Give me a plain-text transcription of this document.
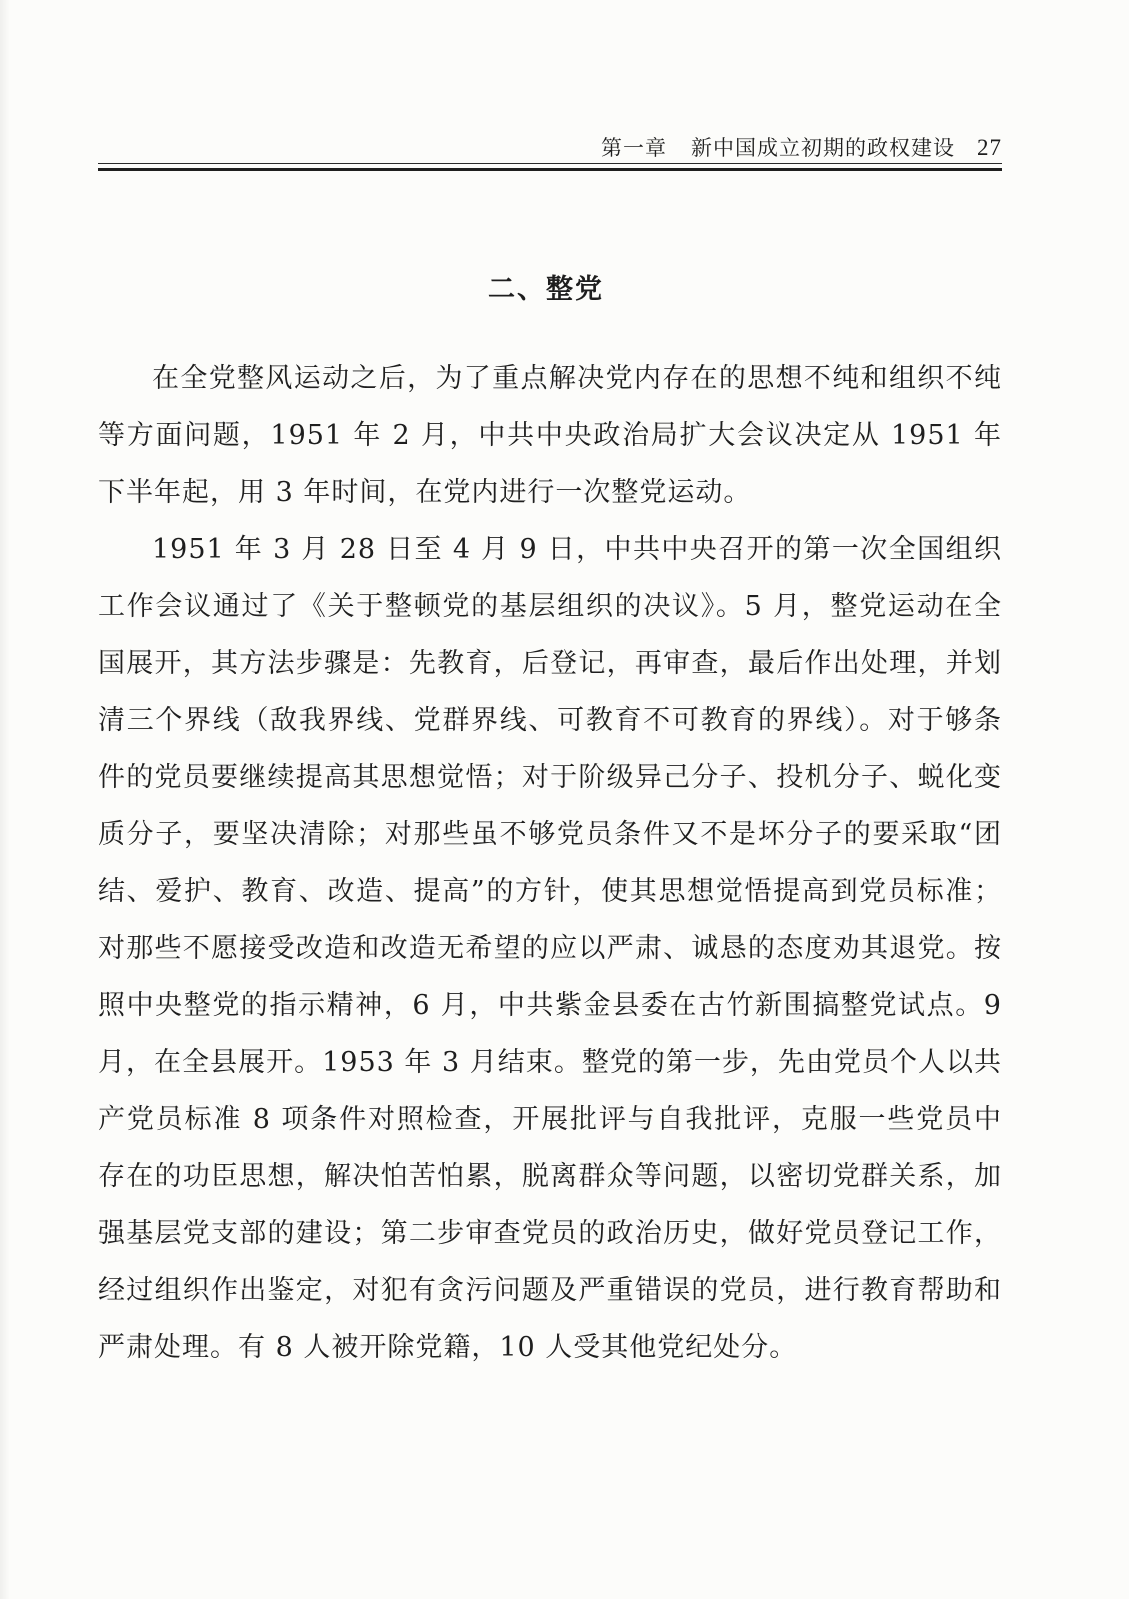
第一章 新中国成立初期的政权建设 27
二、整党

在全党整风运动之后，为了重点解决党内存在的思想不纯和组织不纯等方面问题，1951 年 2 月，中共中央政治局扩大会议决定从 1951 年下半年起，用 3 年时间，在党内进行一次整党运动。

1951 年 3 月 28 日至 4 月 9 日，中共中央召开的第一次全国组织工作会议通过了《关于整顿党的基层组织的决议》。5 月，整党运动在全国展开，其方法步骤是：先教育，后登记，再审查，最后作出处理，并划清三个界线（敌我界线、党群界线、可教育不可教育的界线）。对于够条件的党员要继续提高其思想觉悟；对于阶级异己分子、投机分子、蜕化变质分子，要坚决清除；对那些虽不够党员条件又不是坏分子的要采取“团结、爱护、教育、改造、提高”的方针，使其思想觉悟提高到党员标准；对那些不愿接受改造和改造无希望的应以严肃、诚恳的态度劝其退党。按照中央整党的指示精神，6 月，中共紫金县委在古竹新围搞整党试点。9 月，在全县展开。1953 年 3 月结束。整党的第一步，先由党员个人以共产党员标准 8 项条件对照检查，开展批评与自我批评，克服一些党员中存在的功臣思想，解决怕苦怕累，脱离群众等问题，以密切党群关系，加强基层党支部的建设；第二步审查党员的政治历史，做好党员登记工作，经过组织作出鉴定，对犯有贪污问题及严重错误的党员，进行教育帮助和严肃处理。有 8 人被开除党籍，10 人受其他党纪处分。
